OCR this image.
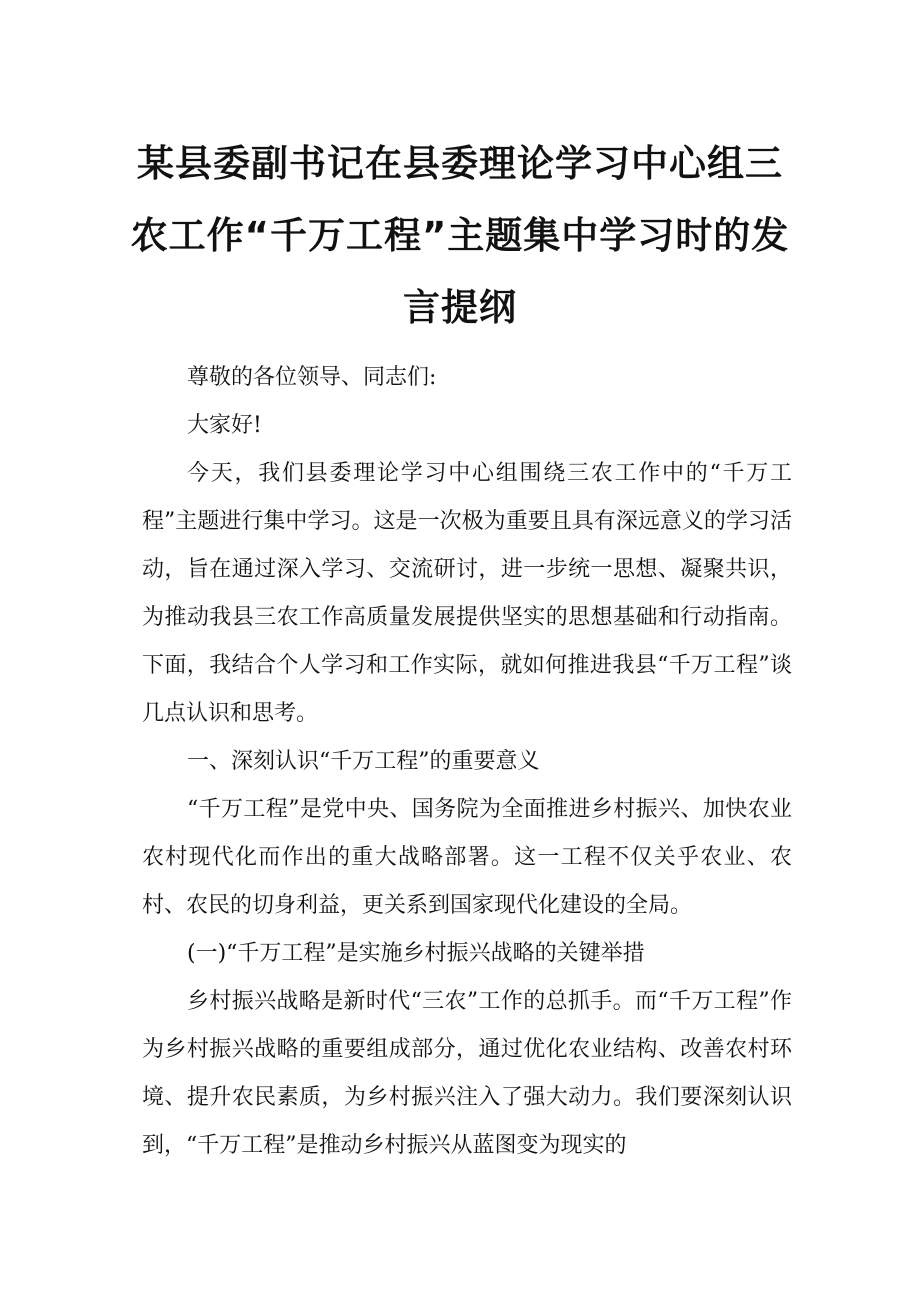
某县委副书记在县委理论学习中心组三农工作“千万工程”主题集中学习时的发言提纲

尊敬的各位领导、同志们:

大家好!

今天，我们县委理论学习中心组围绕三农工作中的“千万工程”主题进行集中学习。这是一次极为重要且具有深远意义的学习活动，旨在通过深入学习、交流研讨，进一步统一思想、凝聚共识，为推动我县三农工作高质量发展提供坚实的思想基础和行动指南。下面，我结合个人学习和工作实际，就如何推进我县“千万工程”谈几点认识和思考。

一、深刻认识“千万工程”的重要意义

“千万工程”是党中央、国务院为全面推进乡村振兴、加快农业农村现代化而作出的重大战略部署。这一工程不仅关乎农业、农村、农民的切身利益，更关系到国家现代化建设的全局。

(一)“千万工程”是实施乡村振兴战略的关键举措

乡村振兴战略是新时代“三农”工作的总抓手。而“千万工程”作为乡村振兴战略的重要组成部分，通过优化农业结构、改善农村环境、提升农民素质，为乡村振兴注入了强大动力。我们要深刻认识到，“千万工程”是推动乡村振兴从蓝图变为现实的
